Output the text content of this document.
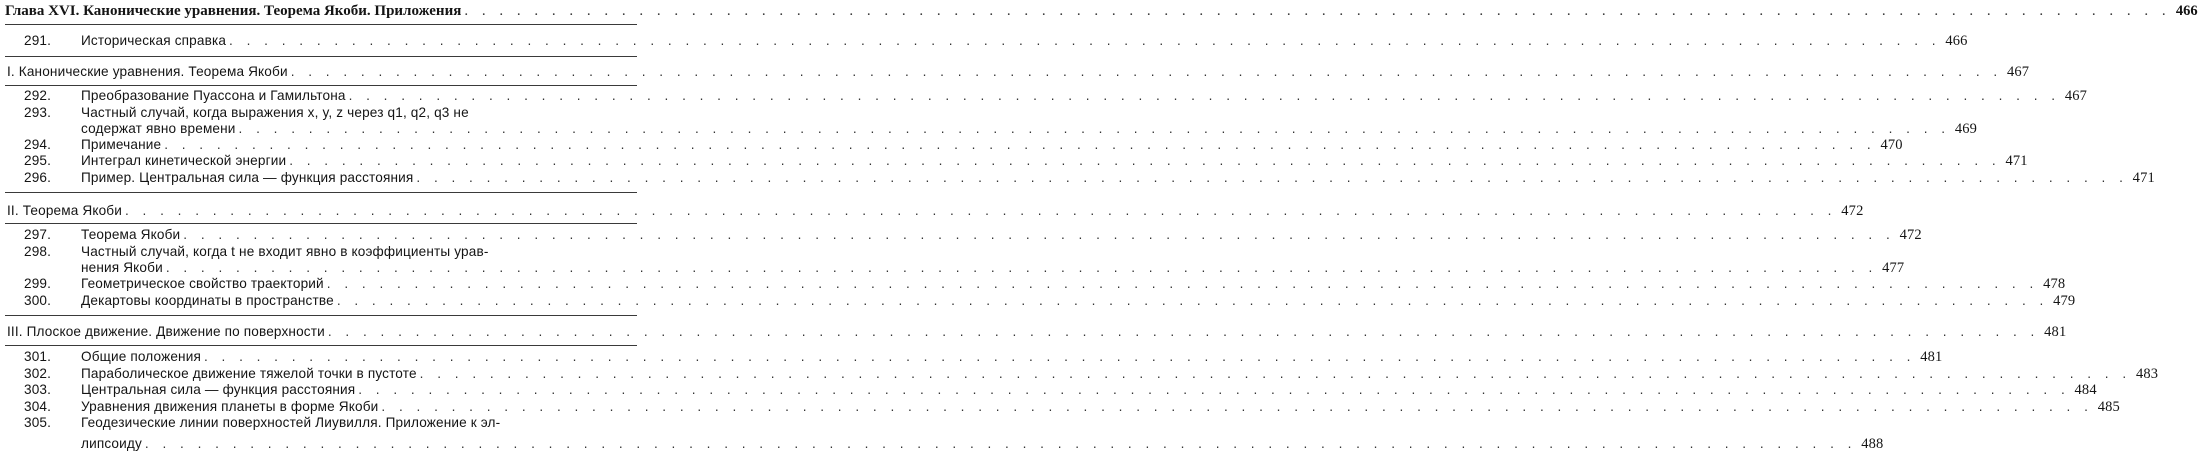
Глава XVI. Канонические уравнения. Теорема Якоби. Приложения . . .	466
291.	Историческая справка . . .	466
I. Канонические уравнения. Теорема Якоби . . .	467
292.	Преобразование Пуассона и Гамильтона . . .	467
293.	Частный случай, когда выражения x, y, z через q1, q2, q3 не
содержат явно времени . . .	469
294.	Примечание . . .	470
295.	Интеграл кинетической энергии . . .	471
296.	Пример. Центральная сила — функция расстояния . . .	471
II. Теорема Якоби . . .	472
297.	Теорема Якоби . . .	472
298.	Частный случай, когда t не входит явно в коэффициенты урав-
нения Якоби . . .	477
299.	Геометрическое свойство траекторий . . .	478
300.	Декартовы координаты в пространстве . . .	479
III. Плоское движение. Движение по поверхности . . .	481
301.	Общие положения . . .	481
302.	Параболическое движение тяжелой точки в пустоте . . .	483
303.	Центральная сила — функция расстояния . . .	484
304.	Уравнения движения планеты в форме Якоби . . .	485
305.	Геодезические линии поверхностей Лиувилля. Приложение к эл-
липсоиду . . .	488
